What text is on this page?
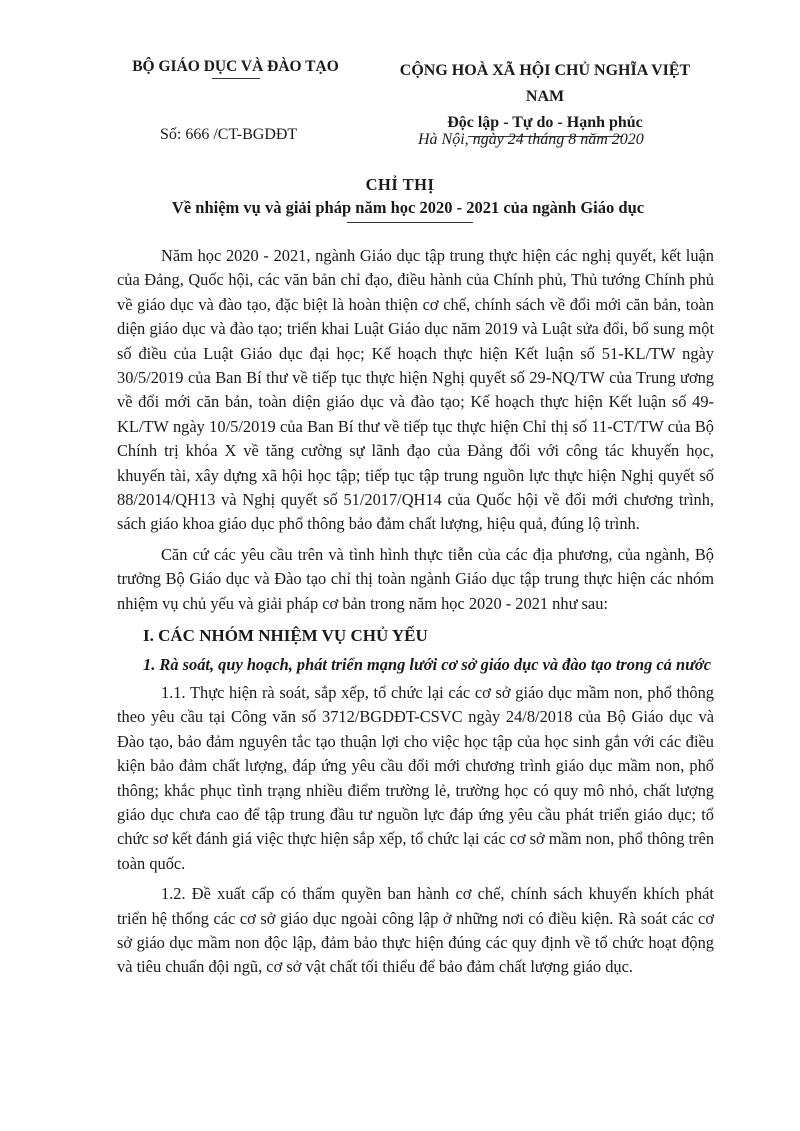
BỘ GIÁO DỤC VÀ ĐÀO TẠO	CỘNG HOÀ XÃ HỘI CHỦ NGHĨA VIỆT NAM
Độc lập - Tự do - Hạnh phúc
Số: 666 /CT-BGDĐT	Hà Nội, ngày 24 tháng 8 năm 2020
CHỈ THỊ
Về nhiệm vụ và giải pháp năm học 2020 - 2021 của ngành Giáo dục

Năm học 2020 - 2021, ngành Giáo dục tập trung thực hiện các nghị quyết, kết luận của Đảng, Quốc hội, các văn bản chỉ đạo, điều hành của Chính phủ, Thủ tướng Chính phủ về giáo dục và đào tạo, đặc biệt là hoàn thiện cơ chế, chính sách về đổi mới căn bản, toàn diện giáo dục và đào tạo; triển khai Luật Giáo dục năm 2019 và Luật sửa đổi, bổ sung một số điều của Luật Giáo dục đại học; Kế hoạch thực hiện Kết luận số 51-KL/TW ngày 30/5/2019 của Ban Bí thư về tiếp tục thực hiện Nghị quyết số 29-NQ/TW của Trung ương về đổi mới căn bản, toàn diện giáo dục và đào tạo; Kế hoạch thực hiện Kết luận số 49-KL/TW ngày 10/5/2019 của Ban Bí thư về tiếp tục thực hiện Chỉ thị số 11-CT/TW của Bộ Chính trị khóa X về tăng cường sự lãnh đạo của Đảng đối với công tác khuyến học, khuyến tài, xây dựng xã hội học tập; tiếp tục tập trung nguồn lực thực hiện Nghị quyết số 88/2014/QH13 và Nghị quyết số 51/2017/QH14 của Quốc hội về đổi mới chương trình, sách giáo khoa giáo dục phổ thông bảo đảm chất lượng, hiệu quả, đúng lộ trình.

Căn cứ các yêu cầu trên và tình hình thực tiễn của các địa phương, của ngành, Bộ trưởng Bộ Giáo dục và Đào tạo chỉ thị toàn ngành Giáo dục tập trung thực hiện các nhóm nhiệm vụ chủ yếu và giải pháp cơ bản trong năm học 2020 - 2021 như sau:

I. CÁC NHÓM NHIỆM VỤ CHỦ YẾU
1. Rà soát, quy hoạch, phát triển mạng lưới cơ sở giáo dục và đào tạo trong cả nước

1.1. Thực hiện rà soát, sắp xếp, tổ chức lại các cơ sở giáo dục mầm non, phổ thông theo yêu cầu tại Công văn số 3712/BGDĐT-CSVC ngày 24/8/2018 của Bộ Giáo dục và Đào tạo, bảo đảm nguyên tắc tạo thuận lợi cho việc học tập của học sinh gắn với các điều kiện bảo đảm chất lượng, đáp ứng yêu cầu đổi mới chương trình giáo dục mầm non, phổ thông; khắc phục tình trạng nhiều điểm trường lẻ, trường học có quy mô nhỏ, chất lượng giáo dục chưa cao để tập trung đầu tư nguồn lực đáp ứng yêu cầu phát triển giáo dục; tổ chức sơ kết đánh giá việc thực hiện sắp xếp, tổ chức lại các cơ sở mầm non, phổ thông trên toàn quốc.

1.2. Đề xuất cấp có thẩm quyền ban hành cơ chế, chính sách khuyến khích phát triển hệ thống các cơ sở giáo dục ngoài công lập ở những nơi có điều kiện. Rà soát các cơ sở giáo dục mầm non độc lập, đảm bảo thực hiện đúng các quy định về tổ chức hoạt động và tiêu chuẩn đội ngũ, cơ sở vật chất tối thiểu để bảo đảm chất lượng giáo dục.
